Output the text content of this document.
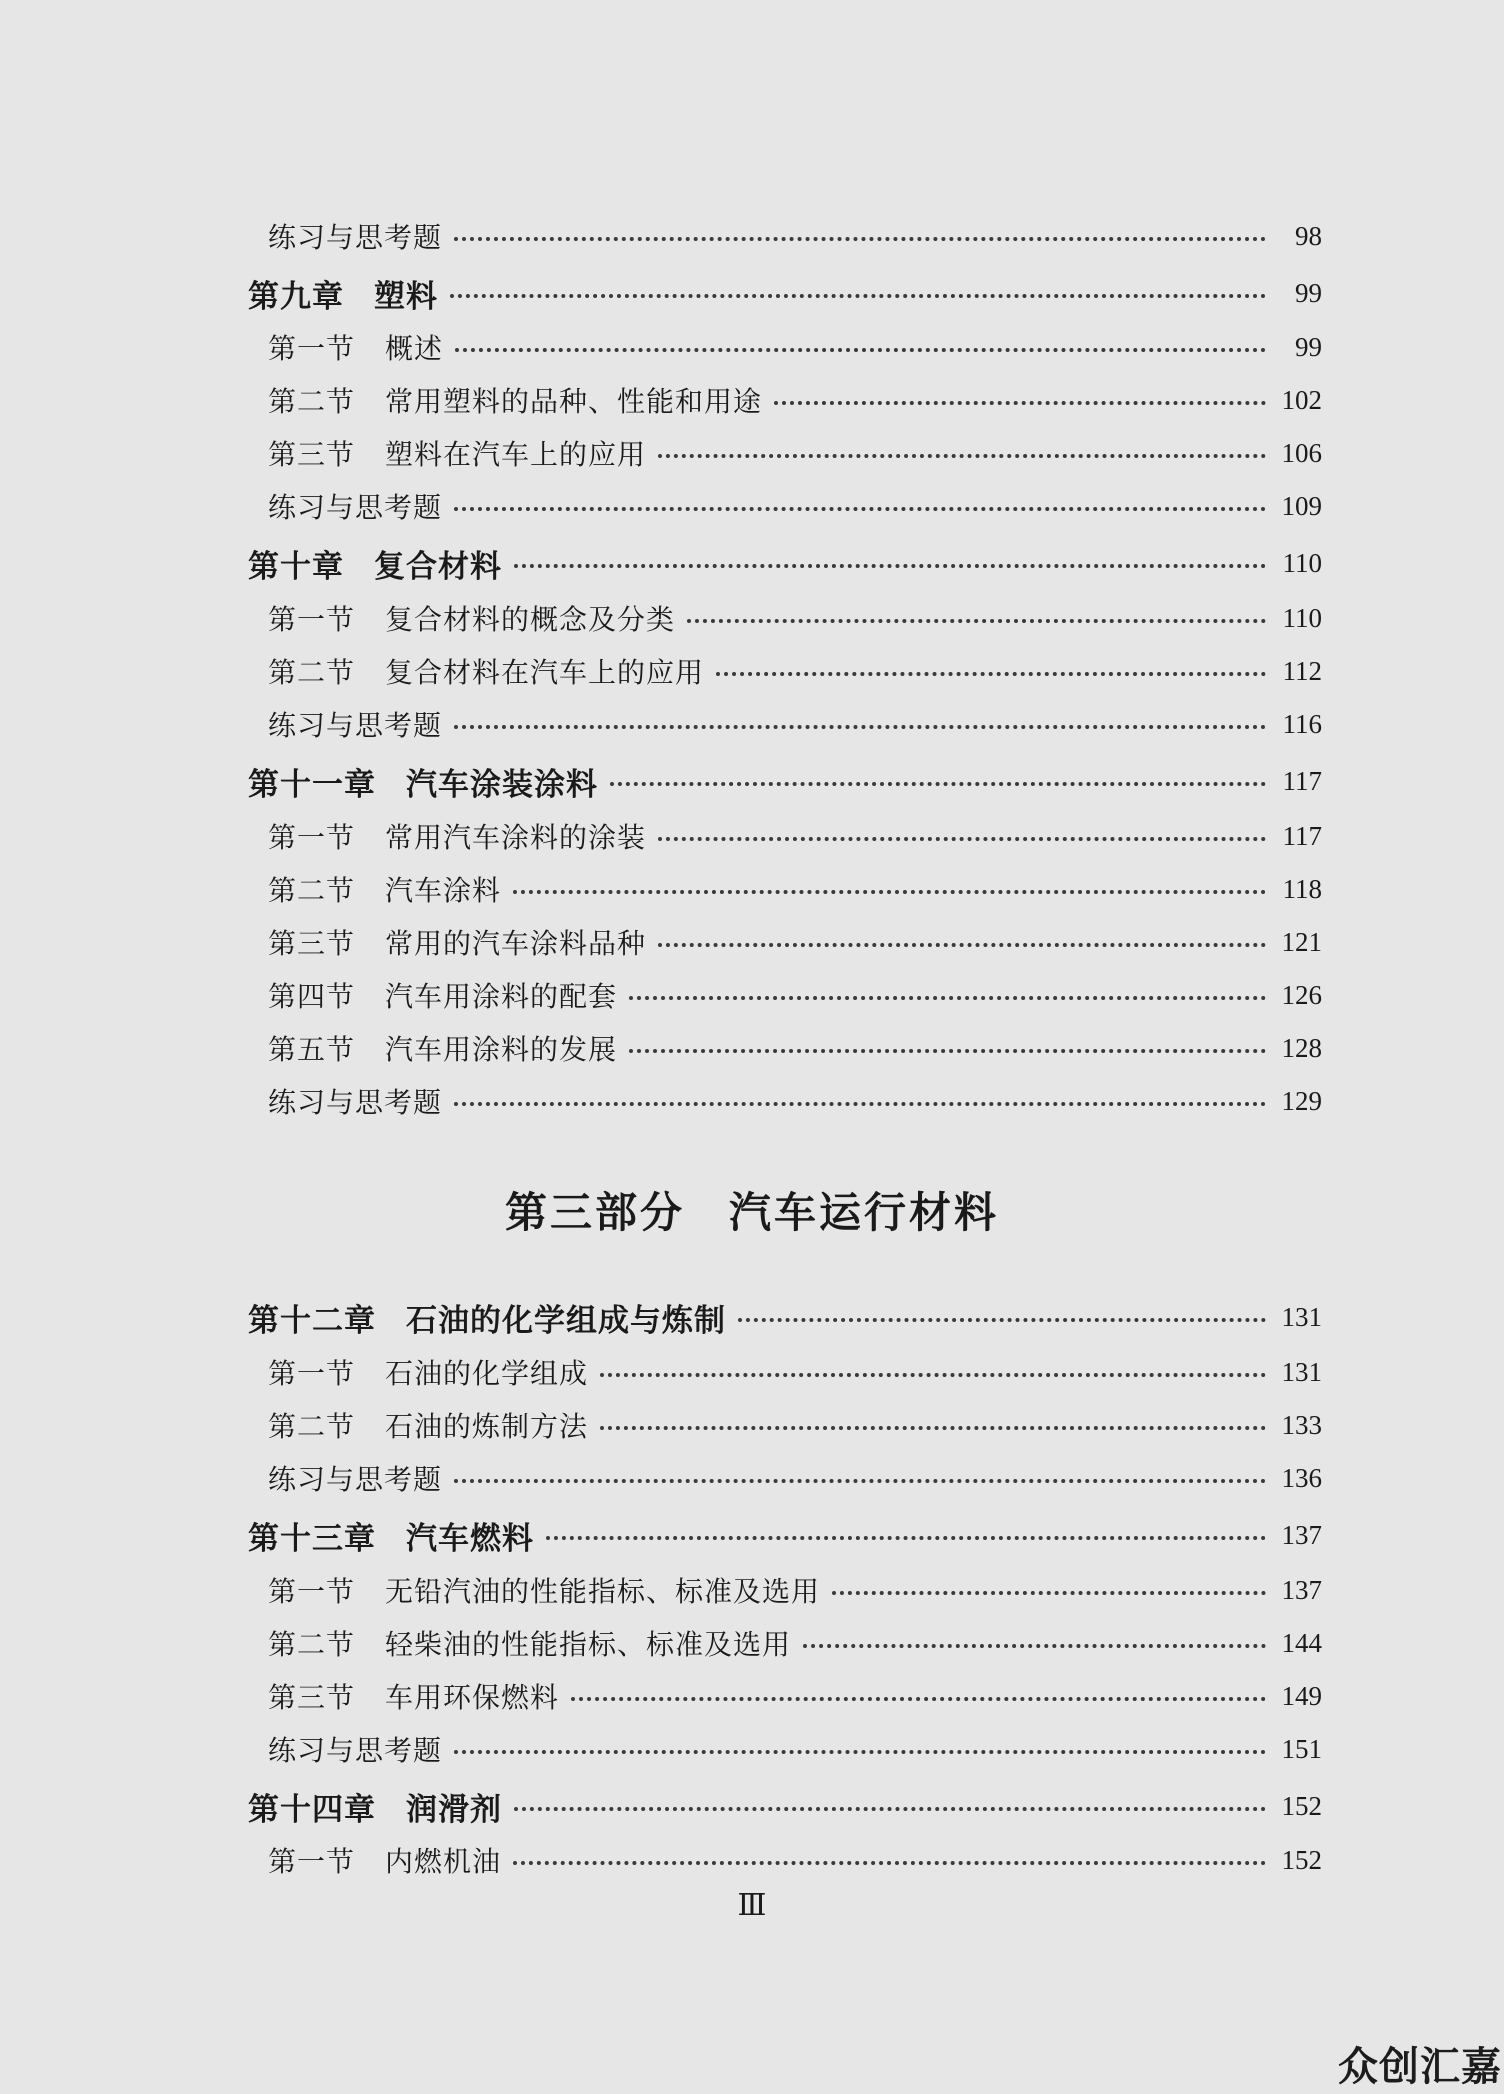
练习与思考题	98
第九章 塑料	99
第一节 概述	99
第二节 常用塑料的品种、性能和用途	102
第三节 塑料在汽车上的应用	106
练习与思考题	109
第十章 复合材料	110
第一节 复合材料的概念及分类	110
第二节 复合材料在汽车上的应用	112
练习与思考题	116
第十一章 汽车涂装涂料	117
第一节 常用汽车涂料的涂装	117
第二节 汽车涂料	118
第三节 常用的汽车涂料品种	121
第四节 汽车用涂料的配套	126
第五节 汽车用涂料的发展	128
练习与思考题	129
第三部分 汽车运行材料
第十二章 石油的化学组成与炼制	131
第一节 石油的化学组成	131
第二节 石油的炼制方法	133
练习与思考题	136
第十三章 汽车燃料	137
第一节 无铅汽油的性能指标、标准及选用	137
第二节 轻柴油的性能指标、标准及选用	144
第三节 车用环保燃料	149
练习与思考题	151
第十四章 润滑剂	152
第一节 内燃机油	152
Ⅲ
众创汇嘉
